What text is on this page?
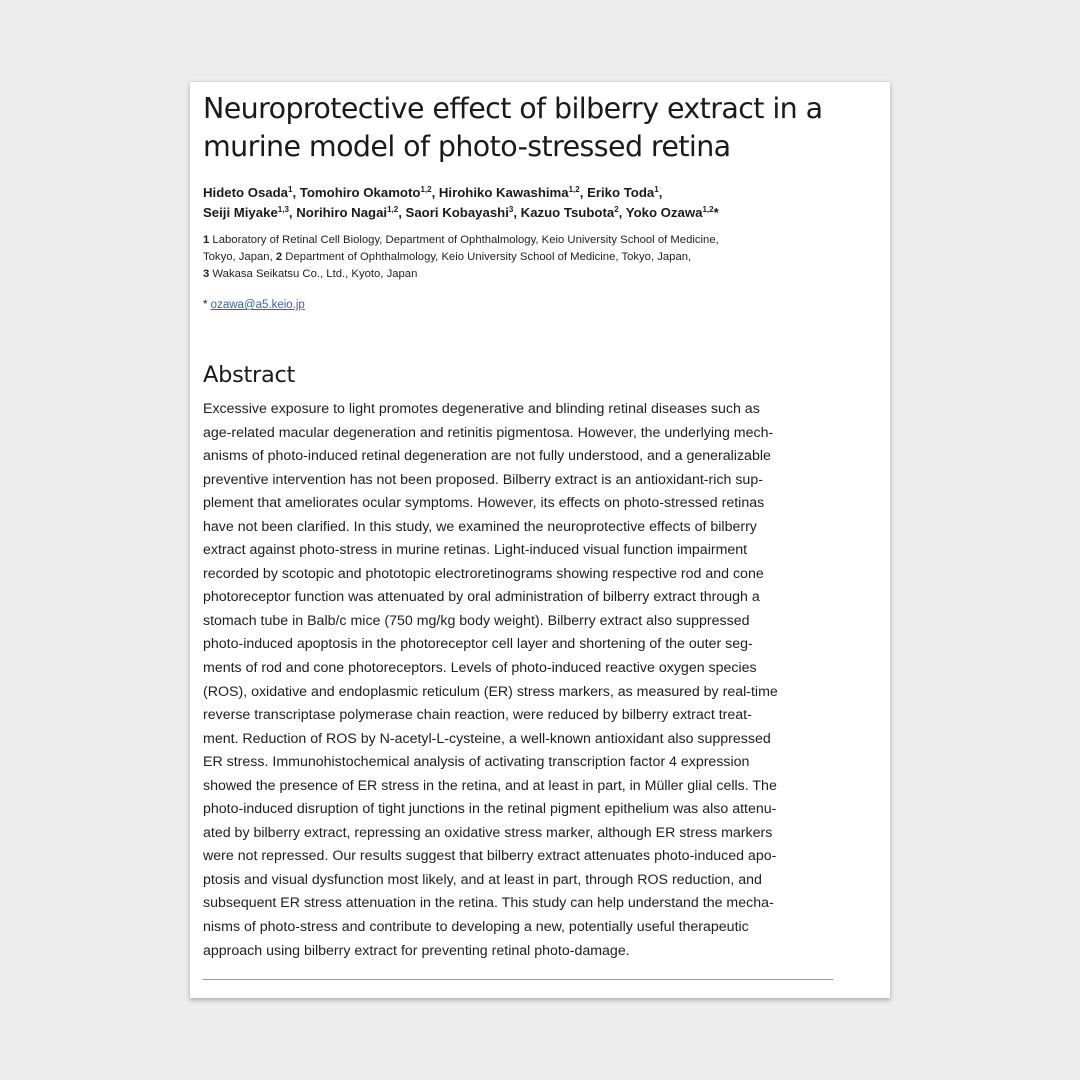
Neuroprotective effect of bilberry extract in a
murine model of photo-stressed retina
Hideto Osada$^1$, Tomohiro Okamoto$^{1,2}$, Hirohiko Kawashima$^{1,2}$, Eriko Toda$^1$,
Seiji Miyake$^{1,3}$, Norihiro Nagai$^{1,2}$, Saori Kobayashi$^3$, Kazuo Tsubota$^2$, Yoko Ozawa$^{1,2}$*
1 Laboratory of Retinal Cell Biology, Department of Ophthalmology, Keio University School of Medicine,
Tokyo, Japan, 2 Department of Ophthalmology, Keio University School of Medicine, Tokyo, Japan,
3 Wakasa Seikatsu Co., Ltd., Kyoto, Japan
* ozawa@a5.keio.jp
Abstract
Excessive exposure to light promotes degenerative and blinding retinal diseases such as
age-related macular degeneration and retinitis pigmentosa. However, the underlying mech-
anisms of photo-induced retinal degeneration are not fully understood, and a generalizable
preventive intervention has not been proposed. Bilberry extract is an antioxidant-rich sup-
plement that ameliorates ocular symptoms. However, its effects on photo-stressed retinas
have not been clarified. In this study, we examined the neuroprotective effects of bilberry
extract against photo-stress in murine retinas. Light-induced visual function impairment
recorded by scotopic and phototopic electroretinograms showing respective rod and cone
photoreceptor function was attenuated by oral administration of bilberry extract through a
stomach tube in Balb/c mice (750 mg/kg body weight). Bilberry extract also suppressed
photo-induced apoptosis in the photoreceptor cell layer and shortening of the outer seg-
ments of rod and cone photoreceptors. Levels of photo-induced reactive oxygen species
(ROS), oxidative and endoplasmic reticulum (ER) stress markers, as measured by real-time
reverse transcriptase polymerase chain reaction, were reduced by bilberry extract treat-
ment. Reduction of ROS by N-acetyl-L-cysteine, a well-known antioxidant also suppressed
ER stress. Immunohistochemical analysis of activating transcription factor 4 expression
showed the presence of ER stress in the retina, and at least in part, in Müller glial cells. The
photo-induced disruption of tight junctions in the retinal pigment epithelium was also attenu-
ated by bilberry extract, repressing an oxidative stress marker, although ER stress markers
were not repressed. Our results suggest that bilberry extract attenuates photo-induced apo-
ptosis and visual dysfunction most likely, and at least in part, through ROS reduction, and
subsequent ER stress attenuation in the retina. This study can help understand the mecha-
nisms of photo-stress and contribute to developing a new, potentially useful therapeutic
approach using bilberry extract for preventing retinal photo-damage.
